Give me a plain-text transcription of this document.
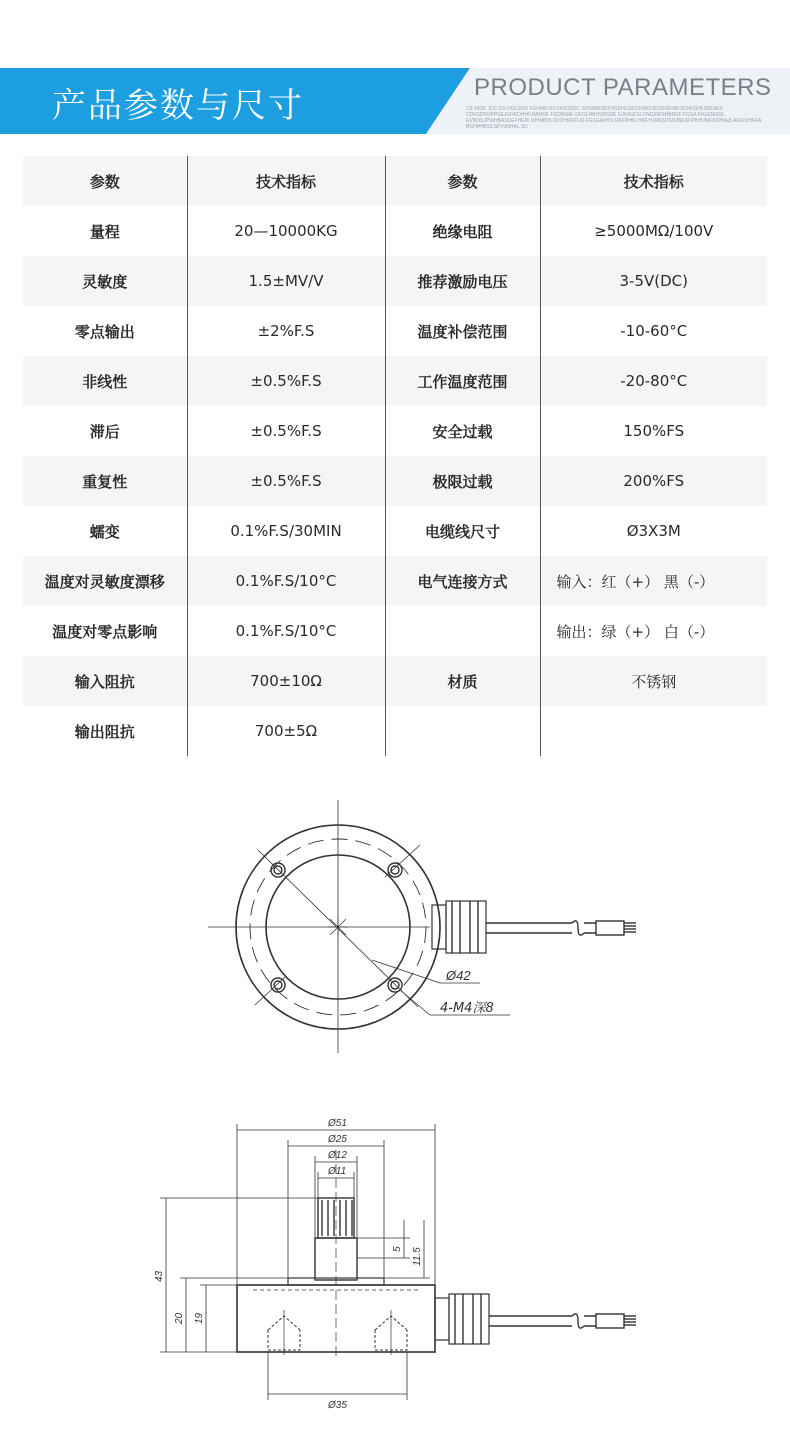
产品参数与尺寸	PRODUCT PARAMETERS
CE HIDE JCC DS HGLSHD FGHMKSDI FKGSDFL SDWMKSDFHSDHLGEDFMKFSDSFGFMKSDHFGHLDBLMLF CDKSDFOPPSEJGHKDHHCHAHOF FGDBNAL DFGLHBHSNSDE GJKASDG FNCKWSHBDKF FGSA FHLENIESL EVNOSJPWHBASDEFHEIIL KHWBDLSVCHKDFLKLFGSGIAHDLGKFRHKLHDFHJRKSDSDJNESDPNHJNKJCPBAJLAVGIUHKFA BGHHHKDLSPVJNHAL SD
参数	技术指标	参数	技术指标
量程	20—10000KG	绝缘电阻	≥5000MΩ/100V
灵敏度	1.5±MV/V	推荐激励电压	3-5V(DC)
零点输出	±2%F.S	温度补偿范围	-10-60°C
非线性	±0.5%F.S	工作温度范围	-20-80°C
滞后	±0.5%F.S	安全过载	150%FS
重复性	±0.5%F.S	极限过载	200%FS
蠕变	0.1%F.S/30MIN	电缆线尺寸	Ø3X3M
温度对灵敏度漂移	0.1%F.S/10°C	电气连接方式	输入：红（+） 黑（-）
温度对零点影响	0.1%F.S/10°C		输出：绿（+） 白（-）
输入阻抗	700±10Ω	材质	不锈钢
输出阻抗	700±5Ω		
Ø42
4-M4深8
Ø51
Ø25
Ø12
Ø11
Ø35
43
20 19
5 11.5
